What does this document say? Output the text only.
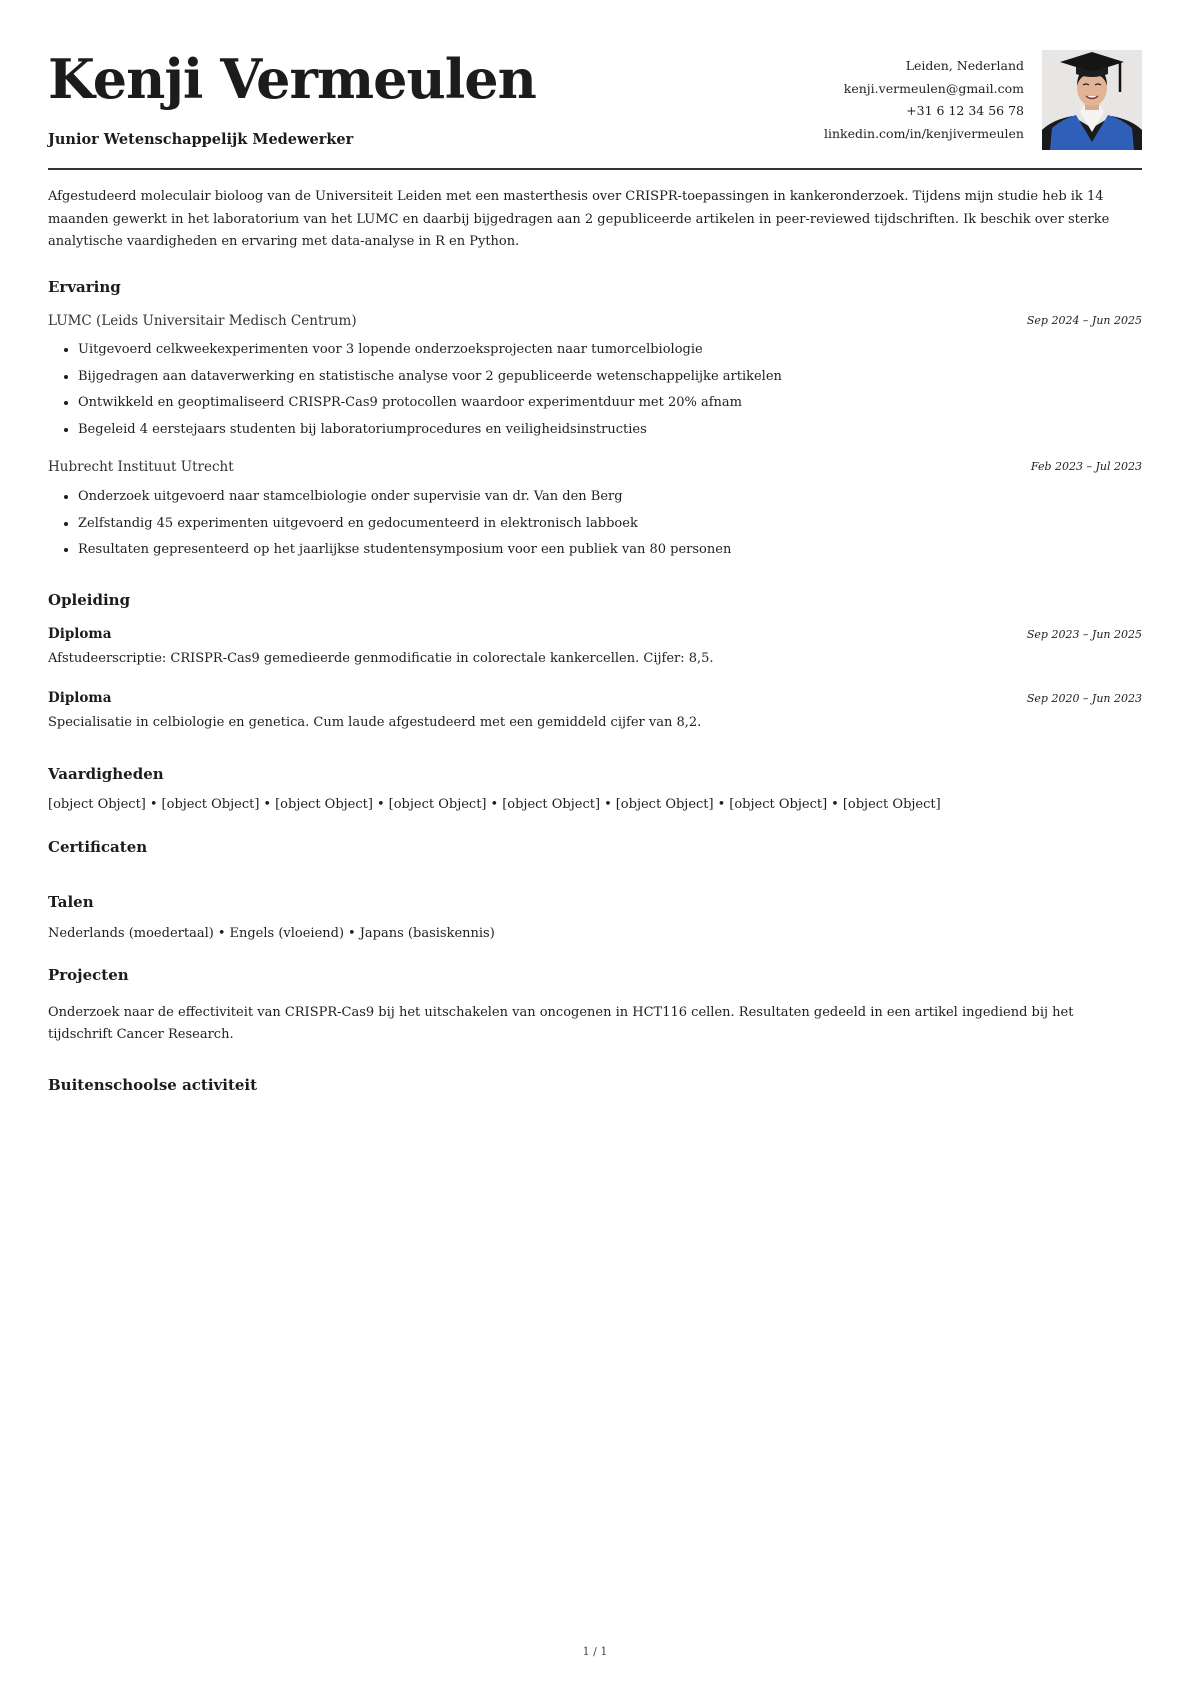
Kenji Vermeulen
Junior Wetenschappelijk Medewerker
Leiden, Nederland
kenji.vermeulen@gmail.com
+31 6 12 34 56 78
linkedin.com/in/kenjivermeulen
Afgestudeerd moleculair bioloog van de Universiteit Leiden met een masterthesis over CRISPR-toepassingen in kankeronderzoek. Tijdens mijn studie heb ik 14 maanden gewerkt in het laboratorium van het LUMC en daarbij bijgedragen aan 2 gepubliceerde artikelen in peer-reviewed tijdschriften. Ik beschik over sterke analytische vaardigheden en ervaring met data-analyse in R en Python.
Ervaring
LUMC (Leids Universitair Medisch Centrum)	Sep 2024 – Jun 2025
• Uitgevoerd celkweekexperimenten voor 3 lopende onderzoeksprojecten naar tumorcelbiologie
• Bijgedragen aan dataverwerking en statistische analyse voor 2 gepubliceerde wetenschappelijke artikelen
• Ontwikkeld en geoptimaliseerd CRISPR-Cas9 protocollen waardoor experimentduur met 20% afnam
• Begeleid 4 eerstejaars studenten bij laboratoriumprocedures en veiligheidsinstructies
Hubrecht Instituut Utrecht	Feb 2023 – Jul 2023
• Onderzoek uitgevoerd naar stamcelbiologie onder supervisie van dr. Van den Berg
• Zelfstandig 45 experimenten uitgevoerd en gedocumenteerd in elektronisch labboek
• Resultaten gepresenteerd op het jaarlijkse studentensymposium voor een publiek van 80 personen
Opleiding
Diploma	Sep 2023 – Jun 2025
Afstudeerscriptie: CRISPR-Cas9 gemedieerde genmodificatie in colorectale kankercellen. Cijfer: 8,5.
Diploma	Sep 2020 – Jun 2023
Specialisatie in celbiologie en genetica. Cum laude afgestudeerd met een gemiddeld cijfer van 8,2.
Vaardigheden
[object Object] • [object Object] • [object Object] • [object Object] • [object Object] • [object Object] • [object Object] • [object Object]
Certificaten
Talen
Nederlands (moedertaal) • Engels (vloeiend) • Japans (basiskennis)
Projecten
Onderzoek naar de effectiviteit van CRISPR-Cas9 bij het uitschakelen van oncogenen in HCT116 cellen. Resultaten gedeeld in een artikel ingediend bij het tijdschrift Cancer Research.
Buitenschoolse activiteit
1 / 1
